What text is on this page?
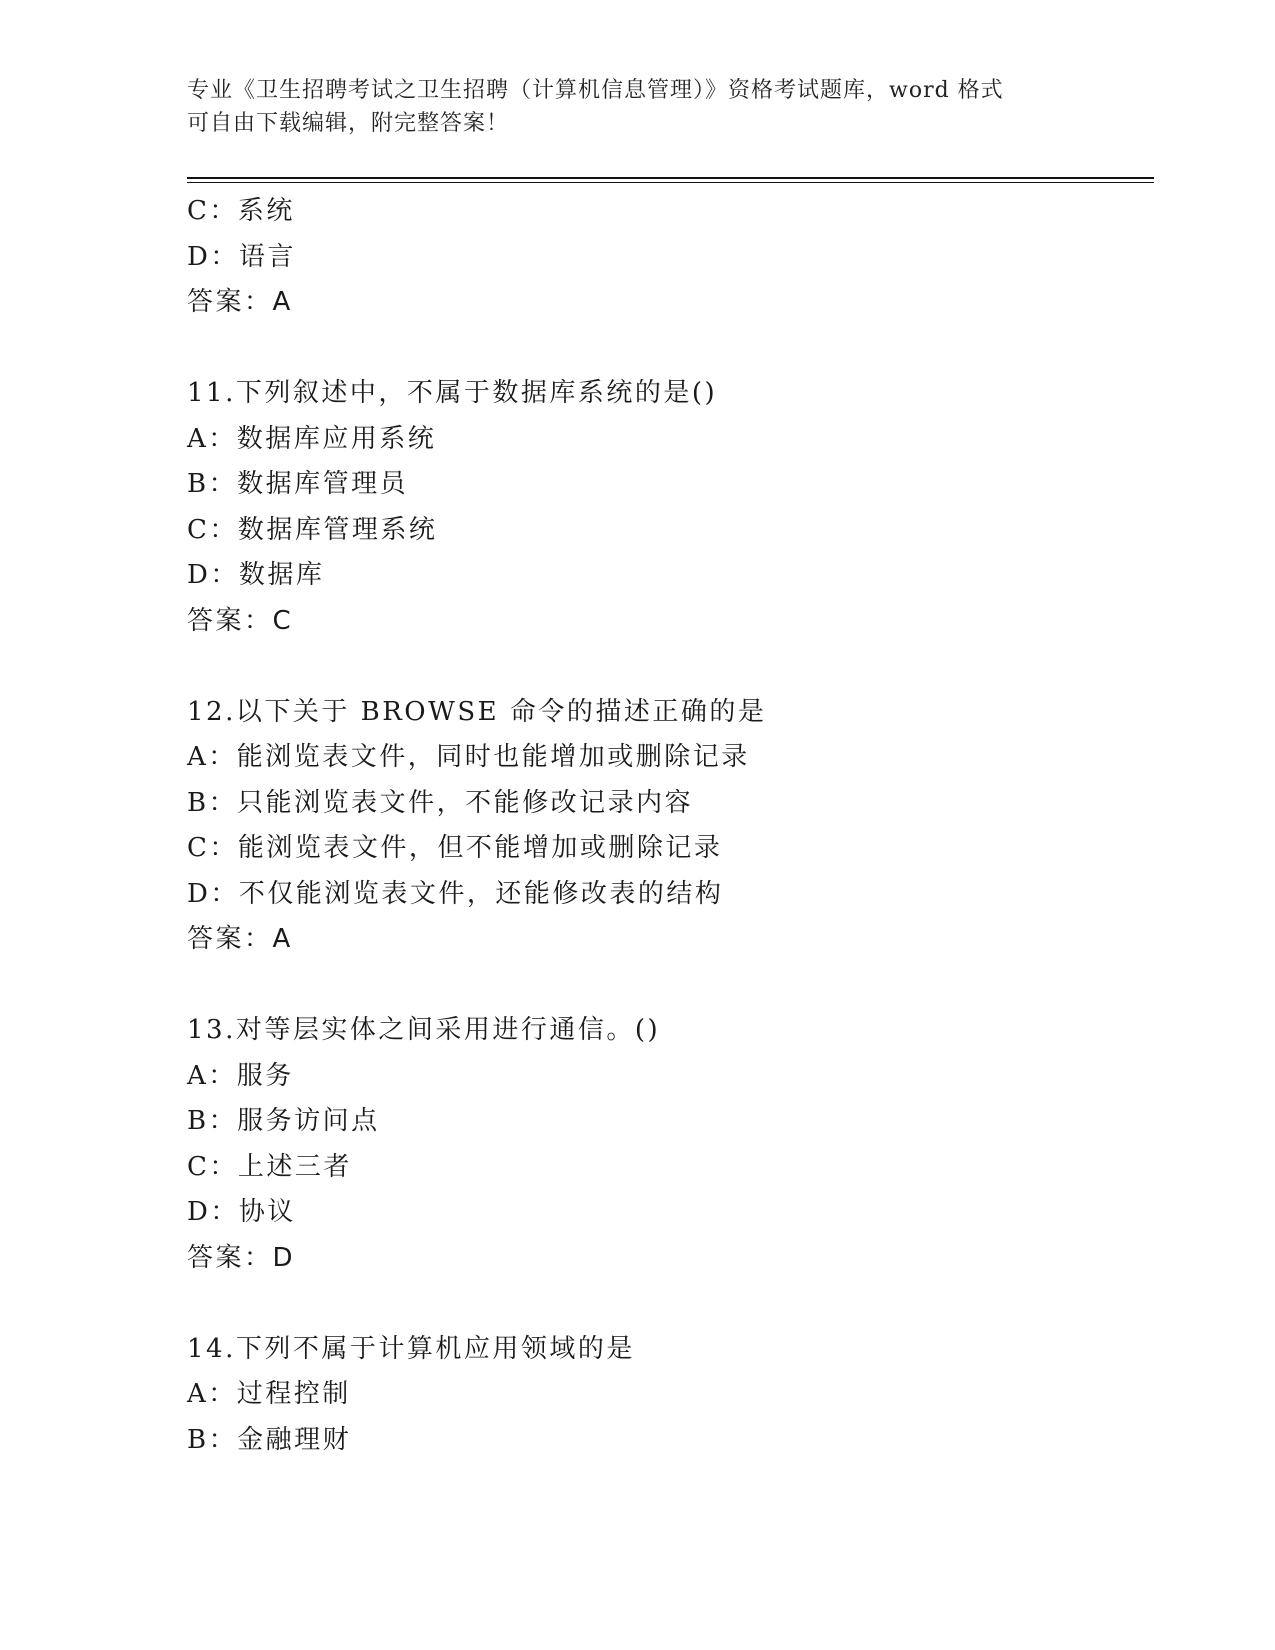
专业《卫生招聘考试之卫生招聘（计算机信息管理）》资格考试题库，word 格式
可自由下载编辑，附完整答案！
C：系统
D：语言
答案：A
11.下列叙述中，不属于数据库系统的是()
A：数据库应用系统
B：数据库管理员
C：数据库管理系统
D：数据库
答案：C
12.以下关于 BROWSE 命令的描述正确的是
A：能浏览表文件，同时也能增加或删除记录
B：只能浏览表文件，不能修改记录内容
C：能浏览表文件，但不能增加或删除记录
D：不仅能浏览表文件，还能修改表的结构
答案：A
13.对等层实体之间采用进行通信。()
A：服务
B：服务访问点
C：上述三者
D：协议
答案：D
14.下列不属于计算机应用领域的是
A：过程控制
B：金融理财
